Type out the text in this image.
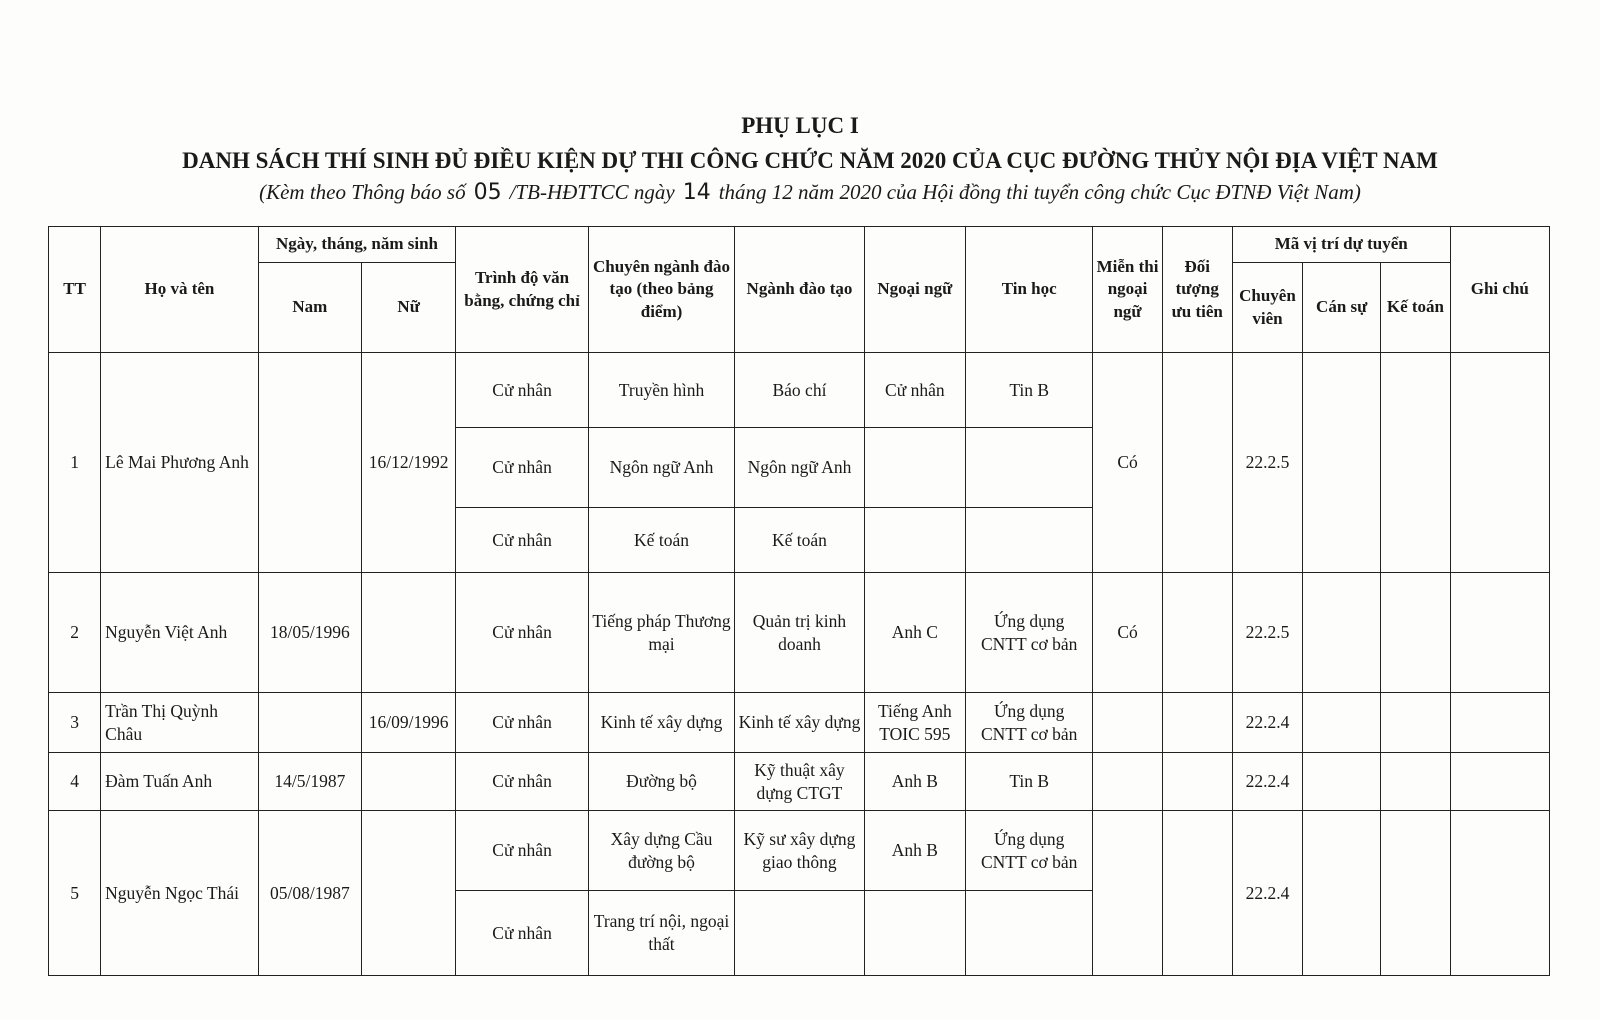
PHỤ LỤC I
DANH SÁCH THÍ SINH ĐỦ ĐIỀU KIỆN DỰ THI CÔNG CHỨC NĂM 2020 CỦA CỤC ĐƯỜNG THỦY NỘI ĐỊA VIỆT NAM
(Kèm theo Thông báo số 05 /TB-HĐTTCC ngày 14 tháng 12 năm 2020 của Hội đồng thi tuyển công chức Cục ĐTNĐ Việt Nam)
TT	Họ và tên	Ngày, tháng, năm sinh		Trình độ văn bằng, chứng chỉ	Chuyên ngành đào tạo (theo bảng điểm)	Ngành đào tạo	Ngoại ngữ	Tin học	Miễn thi ngoại ngữ	Đối tượng ưu tiên	Mã vị trí dự tuyển			Ghi chú
		Nam	Nữ								Chuyên viên	Cán sự	Kế toán	
1	Lê Mai Phương Anh		16/12/1992	Cử nhân	Truyền hình	Báo chí	Cử nhân	Tin B	Có		22.2.5			
				Cử nhân	Ngôn ngữ Anh	Ngôn ngữ Anh								
				Cử nhân	Kế toán	Kế toán								
2	Nguyễn Việt Anh	18/05/1996		Cử nhân	Tiếng pháp Thương mại	Quản trị kinh doanh	Anh C	Ứng dụng CNTT cơ bản	Có		22.2.5			
3	Trần Thị Quỳnh Châu		16/09/1996	Cử nhân	Kinh tế xây dựng	Kinh tế xây dựng	Tiếng Anh TOIC 595	Ứng dụng CNTT cơ bản			22.2.4			
4	Đàm Tuấn Anh	14/5/1987		Cử nhân	Đường bộ	Kỹ thuật xây dựng CTGT	Anh B	Tin B			22.2.4			
5	Nguyễn Ngọc Thái	05/08/1987		Cử nhân	Xây dựng Cầu đường bộ	Kỹ sư xây dựng giao thông	Anh B	Ứng dụng CNTT cơ bản			22.2.4			
				Cử nhân	Trang trí nội, ngoại thất									
